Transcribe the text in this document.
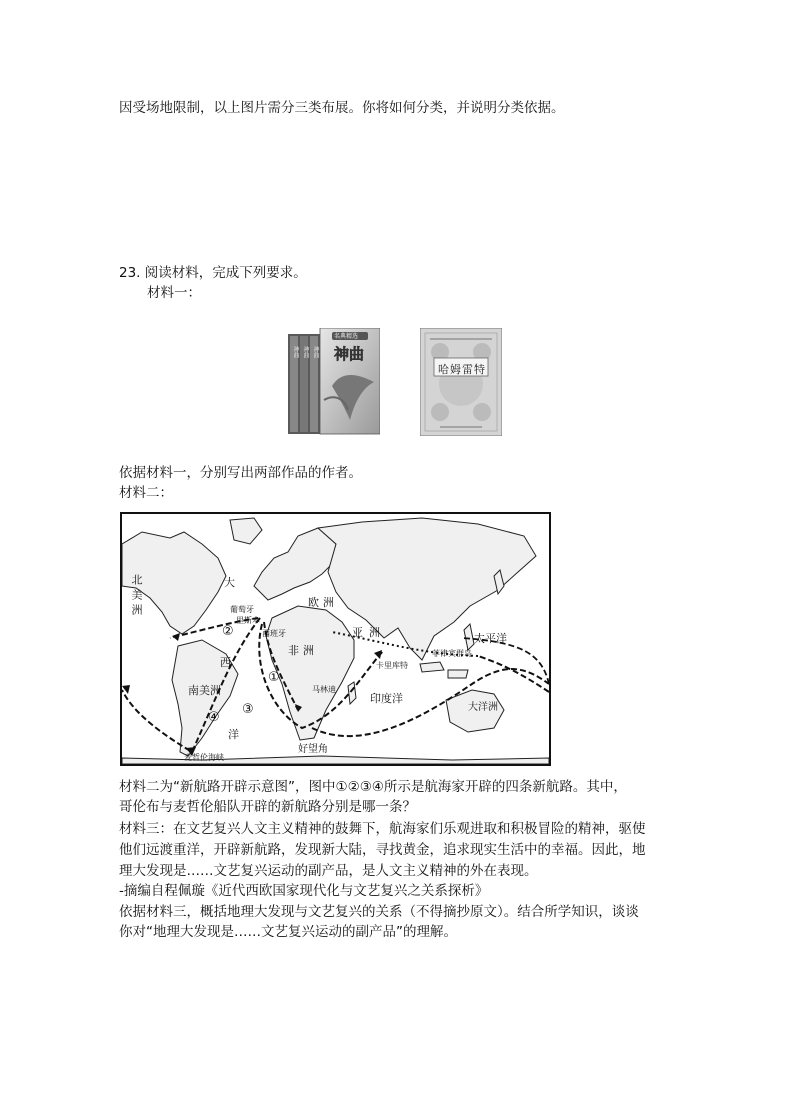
因受场地限制，以上图片需分三类布展。你将如何分类，并说明分类依据。
23. 阅读材料，完成下列要求。
材料一：
名典精选
神曲
神曲 神曲 神曲
哈姆雷特
依据材料一，分别写出两部作品的作者。
材料二：
北美洲	大
欧洲
葡萄牙
里斯本
西班牙	亚洲
非洲
太平洋
菲律宾群岛
卡里库特
马林迪
印度洋
南美洲
西
洋
大洋洲
好望角
麦哲伦海峡
①
②
③
④
材料二为“新航路开辟示意图”，图中①②③④所示是航海家开辟的四条新航路。其中，
哥伦布与麦哲伦船队开辟的新航路分别是哪一条？
材料三：在文艺复兴人文主义精神的鼓舞下，航海家们乐观进取和积极冒险的精神，驱使
他们远渡重洋，开辟新航路，发现新大陆，寻找黄金，追求现实生活中的幸福。因此，地
理大发现是……文艺复兴运动的副产品，是人文主义精神的外在表现。
-摘编自程佩璇《近代西欧国家现代化与文艺复兴之关系探析》
依据材料三，概括地理大发现与文艺复兴的关系（不得摘抄原文）。结合所学知识，谈谈
你对“地理大发现是……文艺复兴运动的副产品”的理解。
